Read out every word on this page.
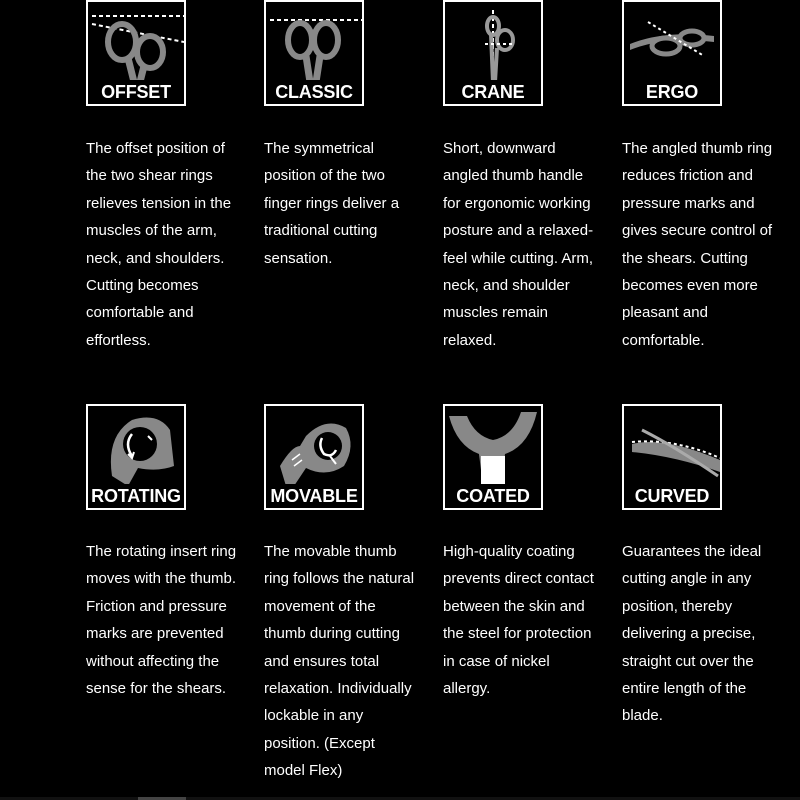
OFFSET	CLASSIC	CRANE	ERGO
The offset position of
the two shear rings
relieves tension in the
muscles of the arm,
neck, and shoulders.
Cutting becomes
comfortable and
effortless.
The symmetrical
position of the two
finger rings deliver a
traditional cutting
sensation.
Short, downward
angled thumb handle
for ergonomic working
posture and a relaxed-
feel while cutting. Arm,
neck, and shoulder
muscles remain
relaxed.
The angled thumb ring
reduces friction and
pressure marks and
gives secure control of
the shears. Cutting
becomes even more
pleasant and
comfortable.
ROTATING	MOVABLE	COATED	CURVED
The rotating insert ring
moves with the thumb.
Friction and pressure
marks are prevented
without affecting the
sense for the shears.
The movable thumb
ring follows the natural
movement of the
thumb during cutting
and ensures total
relaxation. Individually
lockable in any
position. (Except
model Flex)
High-quality coating
prevents direct contact
between the skin and
the steel for protection
in case of nickel
allergy.
Guarantees the ideal
cutting angle in any
position, thereby
delivering a precise,
straight cut over the
entire length of the
blade.
